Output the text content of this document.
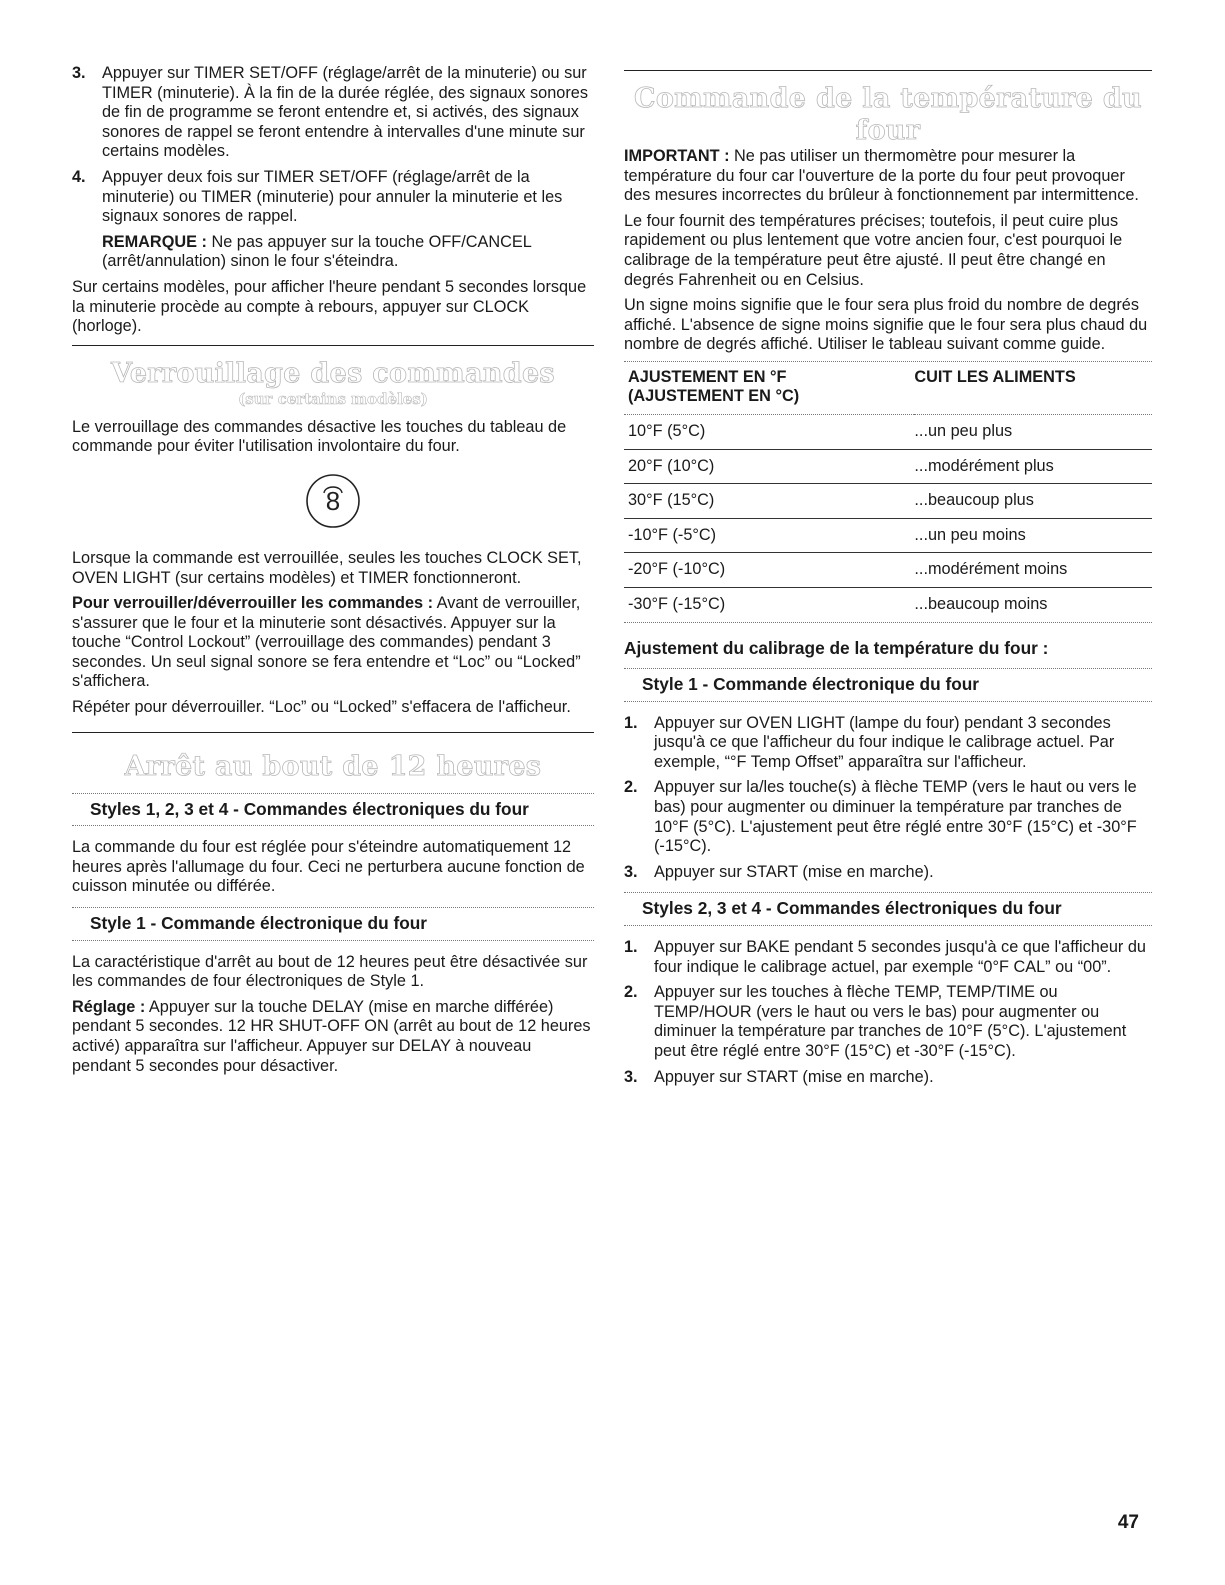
3. Appuyer sur TIMER SET/OFF (réglage/arrêt de la minuterie) ou sur TIMER (minuterie). À la fin de la durée réglée, des signaux sonores de fin de programme se feront entendre et, si activés, des signaux sonores de rappel se feront entendre à intervalles d'une minute sur certains modèles.

4. Appuyer deux fois sur TIMER SET/OFF (réglage/arrêt de la minuterie) ou TIMER (minuterie) pour annuler la minuterie et les signaux sonores de rappel.

REMARQUE : Ne pas appuyer sur la touche OFF/CANCEL (arrêt/annulation) sinon le four s'éteindra.

Sur certains modèles, pour afficher l'heure pendant 5 secondes lorsque la minuterie procède au compte à rebours, appuyer sur CLOCK (horloge).

Verrouillage des commandes
(sur certains modèles)

Le verrouillage des commandes désactive les touches du tableau de commande pour éviter l'utilisation involontaire du four.

8

Lorsque la commande est verrouillée, seules les touches CLOCK SET, OVEN LIGHT (sur certains modèles) et TIMER fonctionneront.

Pour verrouiller/déverrouiller les commandes : Avant de verrouiller, s'assurer que le four et la minuterie sont désactivés. Appuyer sur la touche “Control Lockout” (verrouillage des commandes) pendant 3 secondes. Un seul signal sonore se fera entendre et “Loc” ou “Locked” s'affichera.

Répéter pour déverrouiller. “Loc” ou “Locked” s'effacera de l'afficheur.

Arrêt au bout de 12 heures
Styles 1, 2, 3 et 4 - Commandes électroniques du four

La commande du four est réglée pour s'éteindre automatiquement 12 heures après l'allumage du four. Ceci ne perturbera aucune fonction de cuisson minutée ou différée.

Style 1 - Commande électronique du four

La caractéristique d'arrêt au bout de 12 heures peut être désactivée sur les commandes de four électroniques de Style 1.

Réglage : Appuyer sur la touche DELAY (mise en marche différée) pendant 5 secondes. 12 HR SHUT-OFF ON (arrêt au bout de 12 heures activé) apparaîtra sur l'afficheur. Appuyer sur DELAY à nouveau pendant 5 secondes pour désactiver.

Commande de la température du four

IMPORTANT : Ne pas utiliser un thermomètre pour mesurer la température du four car l'ouverture de la porte du four peut provoquer des mesures incorrectes du brûleur à fonctionnement par intermittence.

Le four fournit des températures précises; toutefois, il peut cuire plus rapidement ou plus lentement que votre ancien four, c'est pourquoi le calibrage de la température peut être ajusté. Il peut être changé en degrés Fahrenheit ou en Celsius.

Un signe moins signifie que le four sera plus froid du nombre de degrés affiché. L'absence de signe moins signifie que le four sera plus chaud du nombre de degrés affiché. Utiliser le tableau suivant comme guide.

AJUSTEMENT EN °F
(AJUSTEMENT EN °C)	CUIT LES ALIMENTS
10°F (5°C)	...un peu plus
20°F (10°C)	...modérément plus
30°F (15°C)	...beaucoup plus
-10°F (-5°C)	...un peu moins
-20°F (-10°C)	...modérément moins
-30°F (-15°C)	...beaucoup moins
Ajustement du calibrage de la température du four :
Style 1 - Commande électronique du four
1. Appuyer sur OVEN LIGHT (lampe du four) pendant 3 secondes jusqu'à ce que l'afficheur du four indique le calibrage actuel. Par exemple, “°F Temp Offset” apparaîtra sur l'afficheur.

2. Appuyer sur la/les touche(s) à flèche TEMP (vers le haut ou vers le bas) pour augmenter ou diminuer la température par tranches de 10°F (5°C). L'ajustement peut être réglé entre 30°F (15°C) et -30°F (-15°C).

3. Appuyer sur START (mise en marche).

Styles 2, 3 et 4 - Commandes électroniques du four
1. Appuyer sur BAKE pendant 5 secondes jusqu'à ce que l'afficheur du four indique le calibrage actuel, par exemple “0°F CAL” ou “00”.

2. Appuyer sur les touches à flèche TEMP, TEMP/TIME ou TEMP/HOUR (vers le haut ou vers le bas) pour augmenter ou diminuer la température par tranches de 10°F (5°C). L'ajustement peut être réglé entre 30°F (15°C) et -30°F (-15°C).

3. Appuyer sur START (mise en marche).

47
